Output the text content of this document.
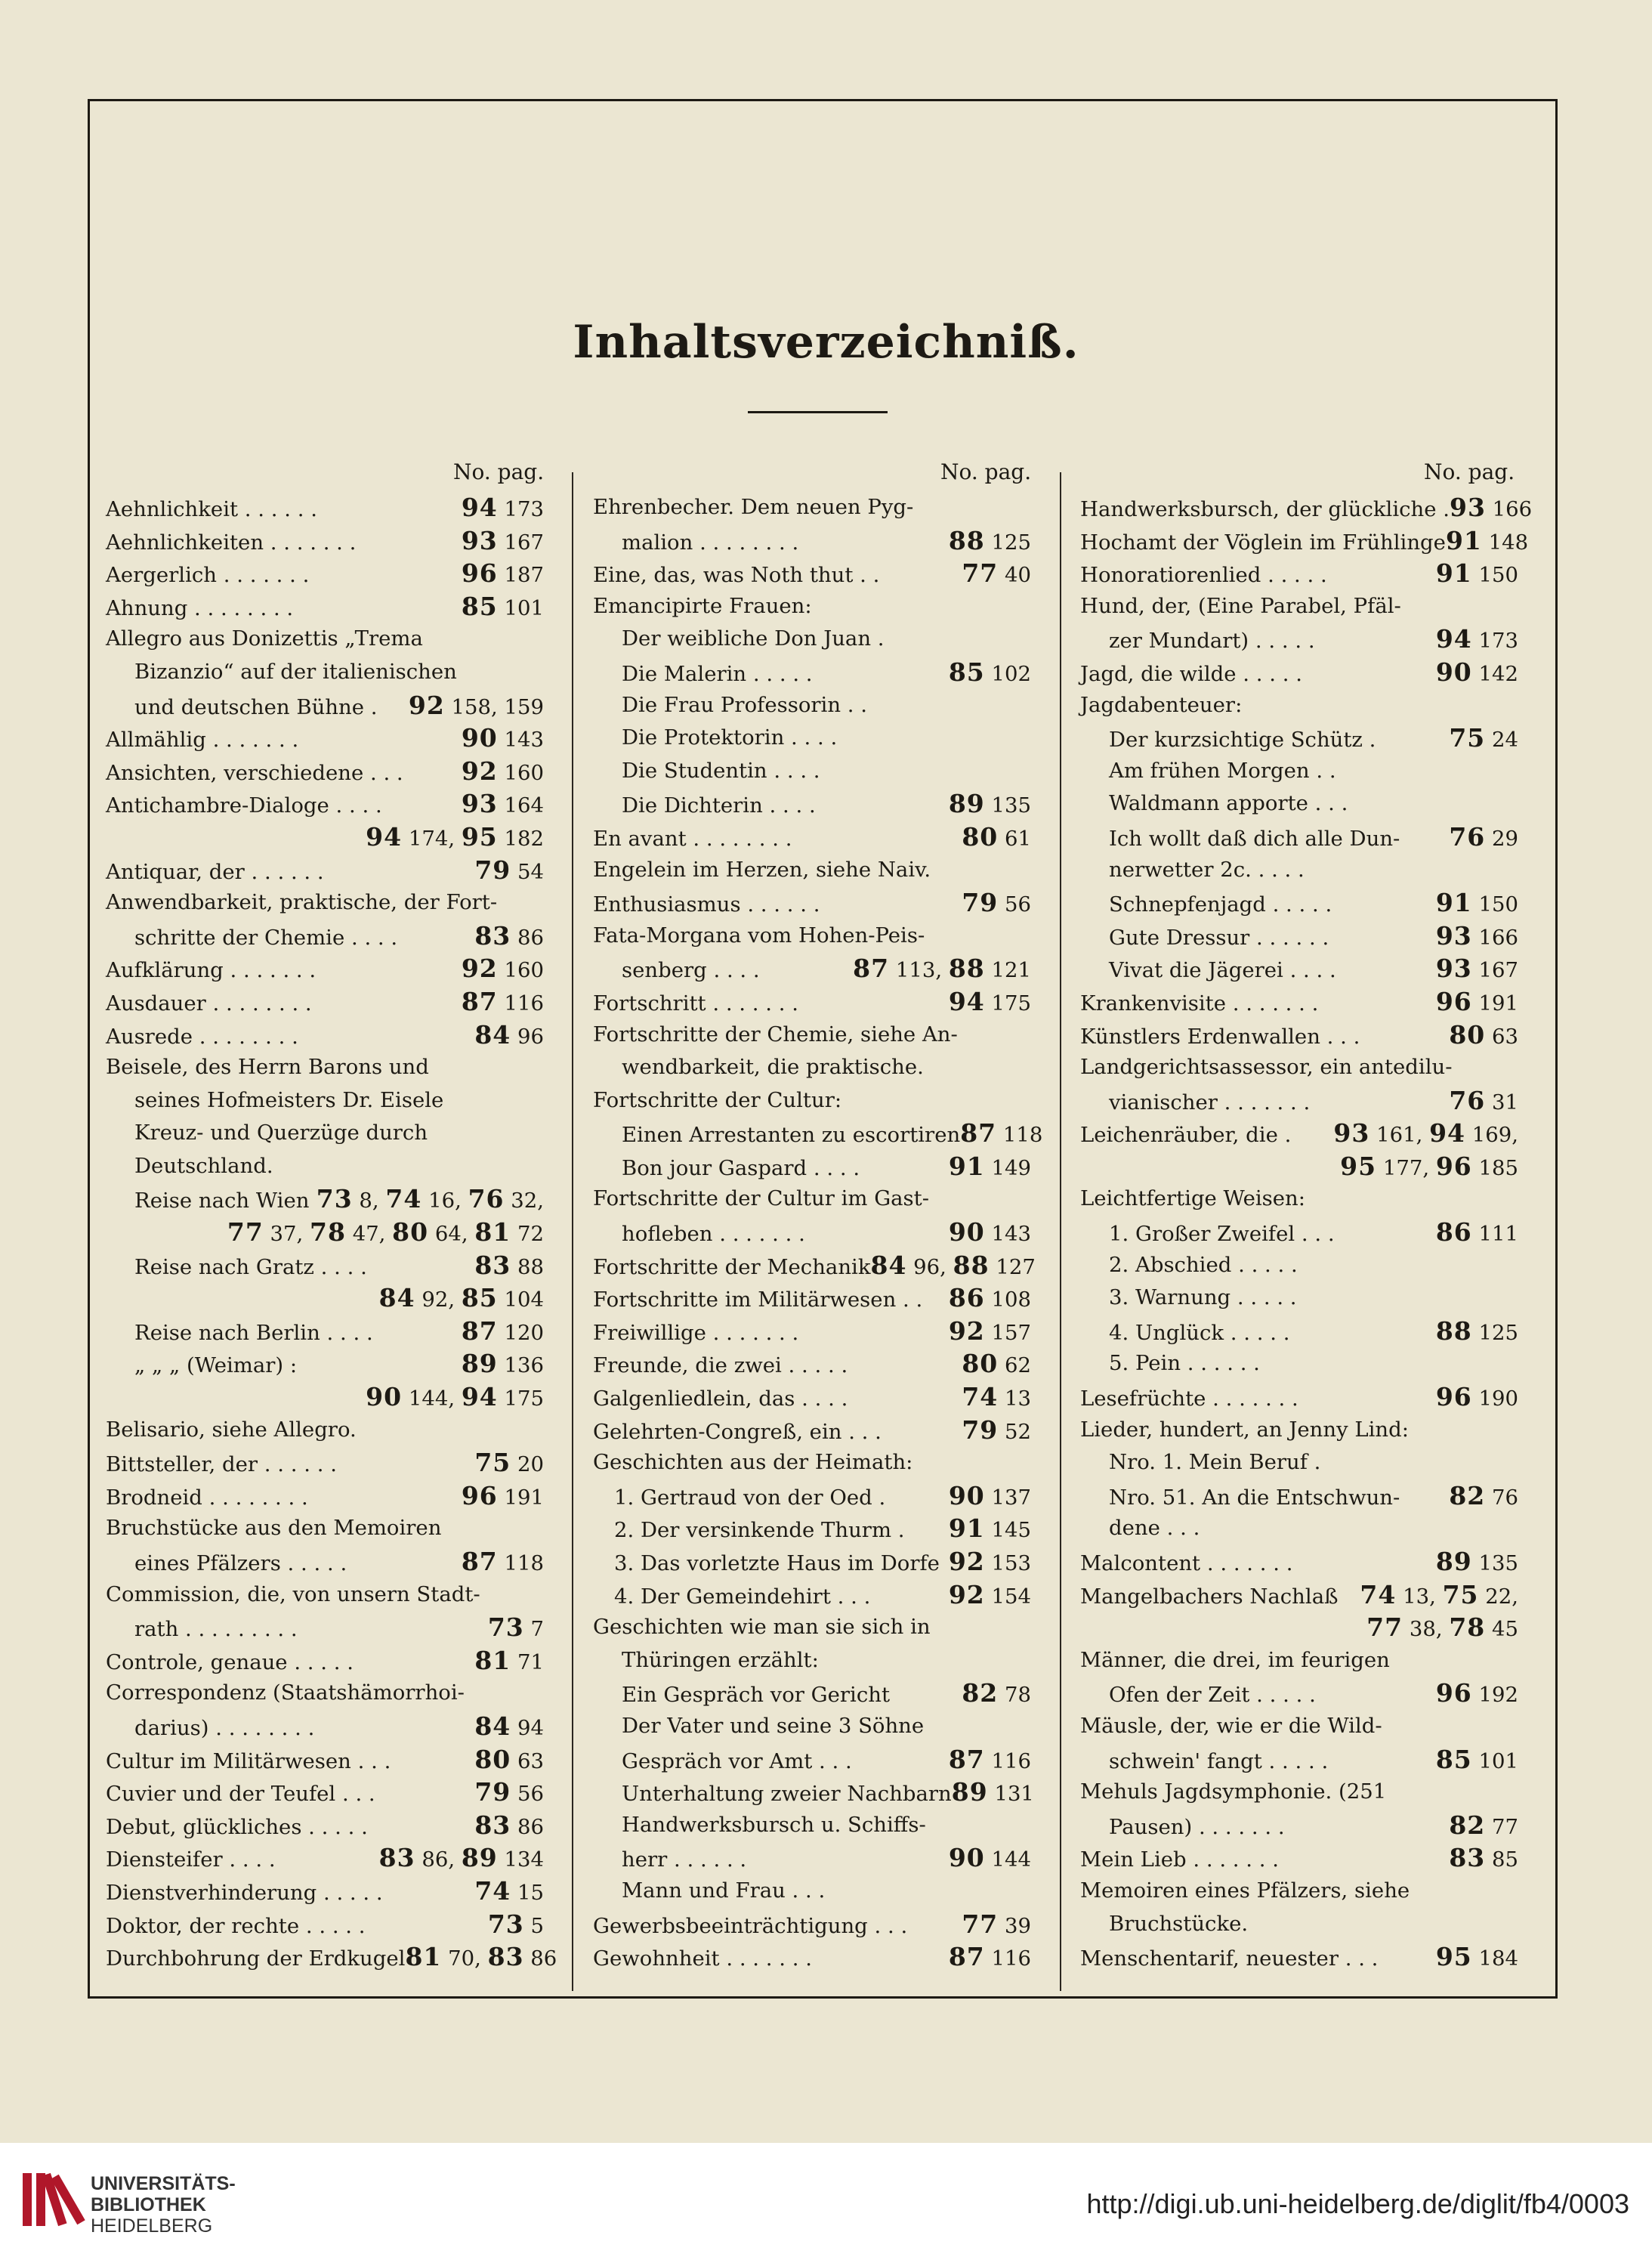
Inhaltsverzeichniß.
No. pag.	No. pag.	No. pag.
Aehnlichkeit . . . . . .	94 173
Aehnlichkeiten . . . . . . .	93 167
Aergerlich . . . . . . .	96 187
Ahnung . . . . . . . .	85 101
Allegro aus Donizettis „Trema
Bizanzio“ auf der italienischen
und deutschen Bühne . 92 158, 159
Allmählig . . . . . . .	90 143
Ansichten, verschiedene . . . 92 160
Antichambre-Dialoge . . . .	93 164
94 174, 95 182
Antiquar, der . . . . . .	79 54
Anwendbarkeit, praktische, der Fort-
schritte der Chemie . . . .	83 86
Aufklärung . . . . . . .	92 160
Ausdauer . . . . . . . .	87 116
Ausrede . . . . . . . .	84 96
Beisele, des Herrn Barons und
seines Hofmeisters Dr. Eisele
Kreuz- und Querzüge durch
Deutschland.
Reise nach Wien 73 8, 74 16, 76 32,
77 37, 78 47, 80 64, 81 72
Reise nach Gratz . . . .	83 88
84 92, 85 104
Reise nach Berlin . . . .	87 120
„ „ „ (Weimar) :	89 136
90 144, 94 175
Belisario, siehe Allegro.
Bittsteller, der . . . . . .	75 20
Brodneid . . . . . . . .	96 191
Bruchstücke aus den Memoiren
eines Pfälzers . . . . .	87 118
Commission, die, von unsern Stadt-
rath . . . . . . . . .	73 7
Controle, genaue . . . . .	81 71
Correspondenz (Staatshämorrhoi-
darius) . . . . . . . .	84 94
Cultur im Militärwesen . . .	80 63
Cuvier und der Teufel . . .	79 56
Debut, glückliches . . . . .	83 86
Diensteifer . . . .	83 86, 89 134
Dienstverhinderung . . . . .	74 15
Doktor, der rechte . . . . .	73 5
Durchbohrung der Erdkugel 81 70, 83 86
Ehrenbecher. Dem neuen Pyg-
malion . . . . . . . .	88 125
Eine, das, was Noth thut . .	77 40
Emancipirte Frauen:
Der weibliche Don Juan .
Die Malerin . . . . .	85 102
Die Frau Professorin . .
Die Protektorin . . . .
Die Studentin . . . .
Die Dichterin . . . .	89 135
En avant . . . . . . . .	80 61
Engelein im Herzen, siehe Naiv.
Enthusiasmus . . . . . .	79 56
Fata-Morgana vom Hohen-Peis-
senberg . . . .	87 113, 88 121
Fortschritt . . . . . . .	94 175
Fortschritte der Chemie, siehe An-
wendbarkeit, die praktische.
Fortschritte der Cultur:
Einen Arrestanten zu escortiren 87 118
Bon jour Gaspard . . . .	91 149
Fortschritte der Cultur im Gast-
hofleben . . . . . . .	90 143
Fortschritte der Mechanik 84 96, 88 127
Fortschritte im Militärwesen . . 86 108
Freiwillige . . . . . . .	92 157
Freunde, die zwei . . . . .	80 62
Galgenliedlein, das . . . .	74 13
Gelehrten-Congreß, ein . . .	79 52
Geschichten aus der Heimath:
1. Gertraud von der Oed .	90 137
2. Der versinkende Thurm . 91 145
3. Das vorletzte Haus im Dorfe 92 153
4. Der Gemeindehirt . . .	92 154
Geschichten wie man sie sich in
Thüringen erzählt:
Ein Gespräch vor Gericht	82 78
Der Vater und seine 3 Söhne
Gespräch vor Amt . . .	87 116
Unterhaltung zweier Nachbarn 89 131
Handwerksbursch u. Schiffs-
herr . . . . . .	90 144
Mann und Frau . . .
Gewerbsbeeinträchtigung . . . 77 39
Gewohnheit . . . . . . .	87 116
Handwerksbursch, der glückliche . 93 166
Hochamt der Vöglein im Frühlinge 91 148
Honoratiorenlied . . . . .	91 150
Hund, der, (Eine Parabel, Pfäl-
zer Mundart) . . . . .	94 173
Jagd, die wilde . . . . .	90 142
Jagdabenteuer:
Der kurzsichtige Schütz .	75 24
Am frühen Morgen . .
Waldmann apporte . . .
Ich wollt daß dich alle Dun- 76 29
nerwetter 2c. . . . .
Schnepfenjagd . . . . .	91 150
Gute Dressur . . . . . .	93 166
Vivat die Jägerei . . . .	93 167
Krankenvisite . . . . . . .	96 191
Künstlers Erdenwallen . . .	80 63
Landgerichtsassessor, ein antedilu-
vianischer . . . . . . .	76 31
Leichenräuber, die . 93 161, 94 169,
95 177, 96 185
Leichtfertige Weisen:
1. Großer Zweifel . . .	86 111
2. Abschied . . . . .
3. Warnung . . . . .
4. Unglück . . . . .	88 125
5. Pein . . . . . .
Lesefrüchte . . . . . . .	96 190
Lieder, hundert, an Jenny Lind:
Nro. 1. Mein Beruf .
Nro. 51. An die Entschwun- 82 76
dene . . .
Malcontent . . . . . . .	89 135
Mangelbachers Nachlaß 74 13, 75 22,
77 38, 78 45
Männer, die drei, im feurigen
Ofen der Zeit . . . . .	96 192
Mäusle, der, wie er die Wild-
schwein' fangt . . . . .	85 101
Mehuls Jagdsymphonie. (251
Pausen) . . . . . . .	82 77
Mein Lieb . . . . . . .	83 85
Memoiren eines Pfälzers, siehe
Bruchstücke.
Menschentarif, neuester . . . 95 184
UNIVERSITÄTS-
BIBLIOTHEK
HEIDELBERG
http://digi.ub.uni-heidelberg.de/diglit/fb4/0003
